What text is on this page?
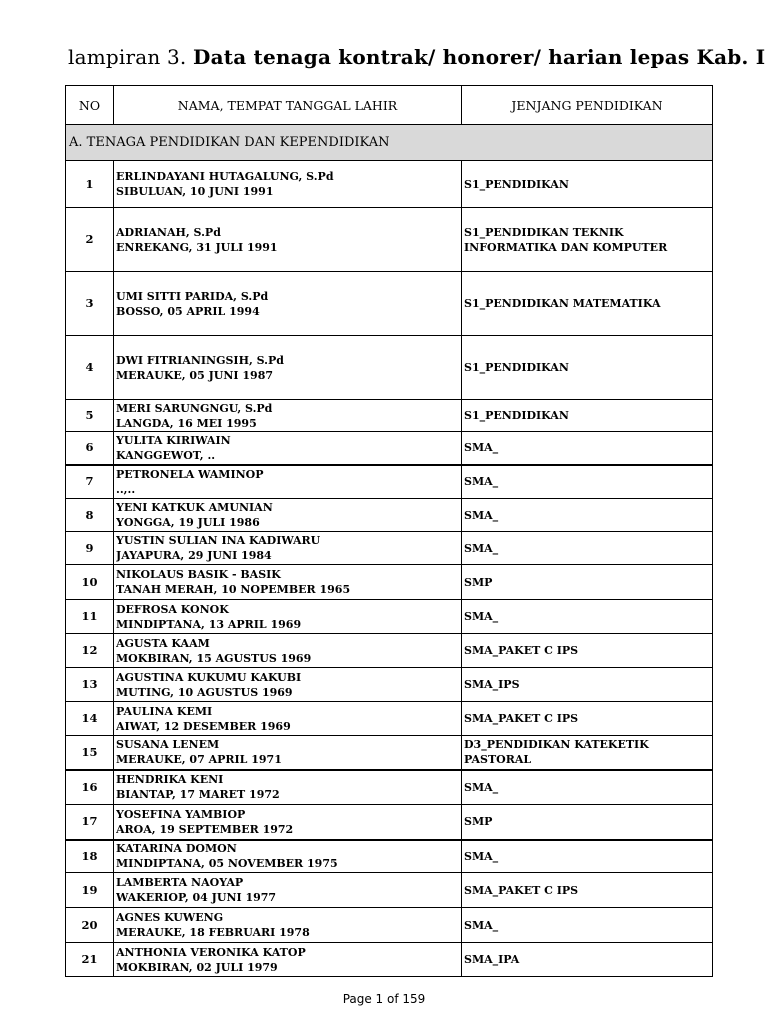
lampiran 3. Data tenaga kontrak/ honorer/ harian lepas Kab. I
NO	NAMA, TEMPAT TANGGAL LAHIR	JENJANG PENDIDIKAN
A. TENAGA PENDIDIKAN DAN KEPENDIDIKAN		
1	ERLINDAYANI HUTAGALUNG, S.Pd
SIBULUAN, 10 JUNI 1991	S1_PENDIDIKAN

2	ADRIANAH, S.Pd
ENREKANG, 31 JULI 1991	S1_PENDIDIKAN TEKNIK
INFORMATIKA DAN KOMPUTER

3	UMI SITTI PARIDA, S.Pd
BOSSO, 05 APRIL 1994	S1_PENDIDIKAN MATEMATIKA

4	DWI FITRIANINGSIH, S.Pd
MERAUKE, 05 JUNI 1987	S1_PENDIDIKAN

5	MERI SARUNGNGU, S.Pd
LANGDA, 16 MEI 1995	S1_PENDIDIKAN

6	YULITA KIRIWAIN
KANGGEWOT, ..	SMA_

7	PETRONELA WAMINOP
..,..	SMA_

8	YENI KATKUK AMUNIAN
YONGGA, 19 JULI 1986	SMA_

9	YUSTIN SULIAN INA KADIWARU
JAYAPURA, 29 JUNI 1984	SMA_

10	NIKOLAUS BASIK - BASIK
TANAH MERAH, 10 NOPEMBER 1965	SMP

11	DEFROSA KONOK
MINDIPTANA, 13 APRIL 1969	SMA_

12	AGUSTA KAAM
MOKBIRAN, 15 AGUSTUS 1969	SMA_PAKET C IPS

13	AGUSTINA KUKUMU KAKUBI
MUTING, 10 AGUSTUS 1969	SMA_IPS

14	PAULINA KEMI
AIWAT, 12 DESEMBER 1969	SMA_PAKET C IPS

15	SUSANA LENEM
MERAUKE, 07 APRIL 1971	D3_PENDIDIKAN KATEKETIK
PASTORAL

16	HENDRIKA KENI
BIANTAP, 17 MARET 1972	SMA_

17	YOSEFINA YAMBIOP
AROA, 19 SEPTEMBER 1972	SMP

18	KATARINA DOMON
MINDIPTANA, 05 NOVEMBER 1975	SMA_

19	LAMBERTA NAOYAP
WAKERIOP, 04 JUNI 1977	SMA_PAKET C IPS

20	AGNES KUWENG
MERAUKE, 18 FEBRUARI 1978	SMA_

21	ANTHONIA VERONIKA KATOP
MOKBIRAN, 02 JULI 1979	SMA_IPA
Page 1 of 159
